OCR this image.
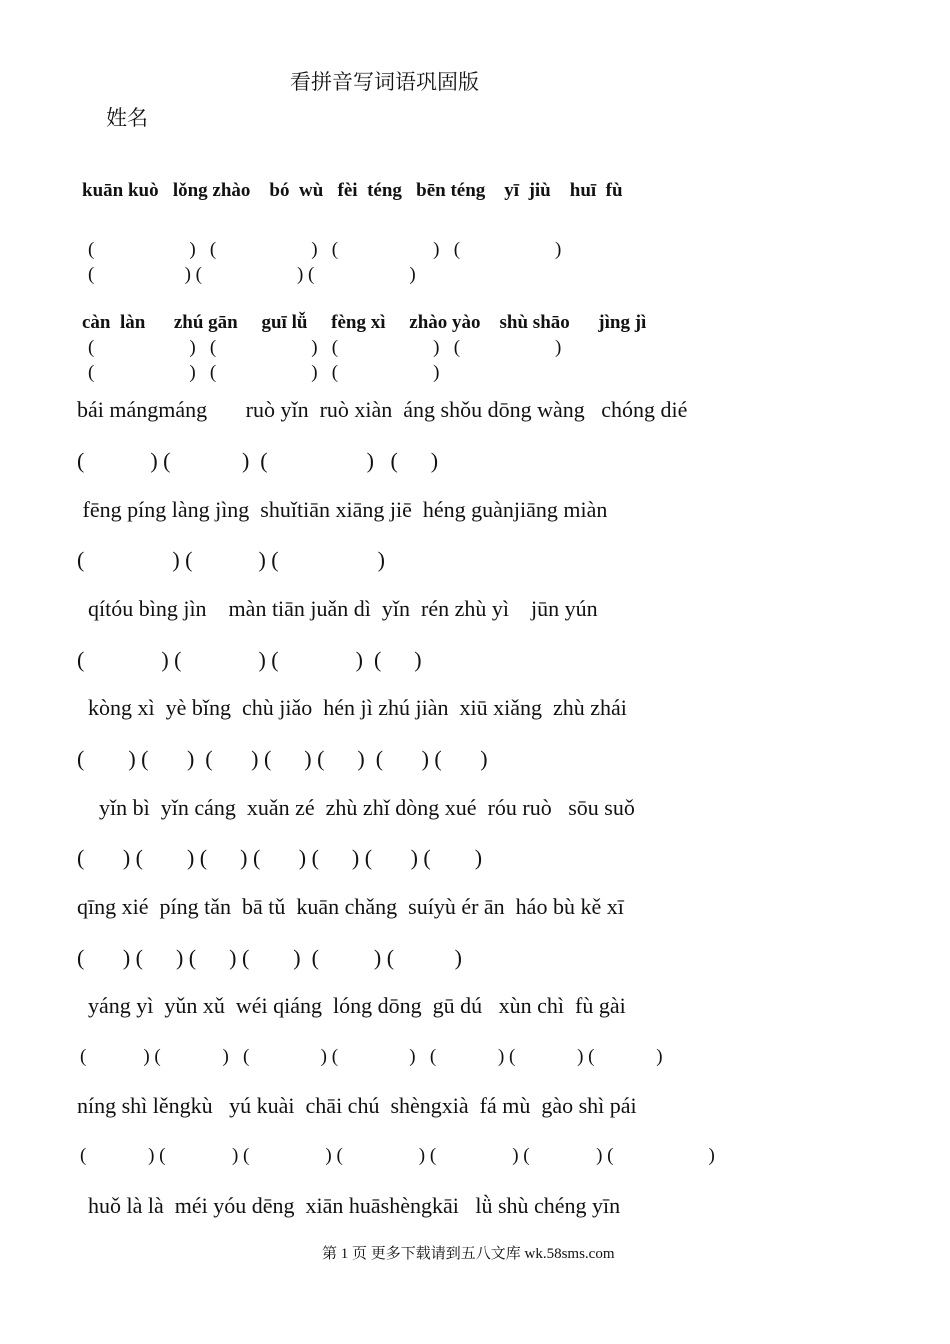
看拼音写词语巩固版
姓名
kuān kuò   lǒng zhào    bó  wù   fèi  téng   bēn téng    yī  jiù    huī  fù
(                    )   (                    )   (                    )   (                    )
(                   ) (                    ) (                    )
càn  làn      zhú gān     guī lǚ     fèng xì     zhào yào    shù shāo      jìng jì
(                    )   (                    )   (                    )   (                    )
(                    )   (                    )   (                    )
bái mángmáng       ruò yǐn  ruò xiàn  áng shǒu dōng wàng   chóng dié
(            ) (             )  (                  )   (      )
fēng píng làng jìng  shuǐtiān xiāng jiē  héng guànjiāng miàn
(                ) (            ) (                  )
qítóu bìng jìn    màn tiān juǎn dì  yǐn  rén zhù yì    jūn yún
(              ) (              ) (              )  (      )
kòng xì  yè bǐng  chù jiǎo  hén jì zhú jiàn  xiū xiǎng  zhù zhái
(        ) (       )  (       ) (      ) (      )  (       ) (       )
yǐn bì  yǐn cáng  xuǎn zé  zhù zhǐ dòng xué  róu ruò   sōu suǒ
(       ) (        ) (      ) (       ) (      ) (       ) (        )
qīng xié  píng tǎn  bā tǔ  kuān chǎng  suíyù ér ān  háo bù kě xī
(       ) (      ) (      ) (        )  (          ) (           )
yáng yì  yǔn xǔ  wéi qiáng  lóng dōng  gū dú   xùn chì  fù gài
(            ) (             )   (               ) (               )   (             ) (             ) (             )
níng shì lěngkù   yú kuài  chāi chú  shèngxià  fá mù  gào shì pái
(             ) (              ) (                ) (                ) (                ) (              ) (                    )
huǒ là là  méi yóu dēng  xiān huāshèngkāi   lǜ shù chéng yīn
第 1 页 更多下载请到五八文库 wk.58sms.com
